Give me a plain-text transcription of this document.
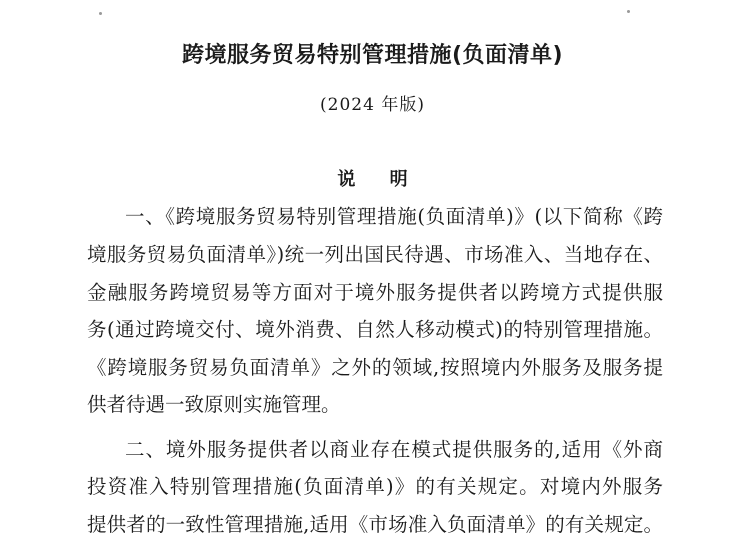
跨境服务贸易特别管理措施(负面清单)
(2024 年版)
说 明
一、《跨境服务贸易特别管理措施(负面清单)》(以下简称《跨
境服务贸易负面清单》)统一列出国民待遇、市场准入、当地存在、
金融服务跨境贸易等方面对于境外服务提供者以跨境方式提供服
务(通过跨境交付、境外消费、自然人移动模式)的特别管理措施。
《跨境服务贸易负面清单》之外的领域,按照境内外服务及服务提
供者待遇一致原则实施管理。
二、境外服务提供者以商业存在模式提供服务的,适用《外商
投资准入特别管理措施(负面清单)》的有关规定。对境内外服务
提供者的一致性管理措施,适用《市场准入负面清单》的有关规定。
